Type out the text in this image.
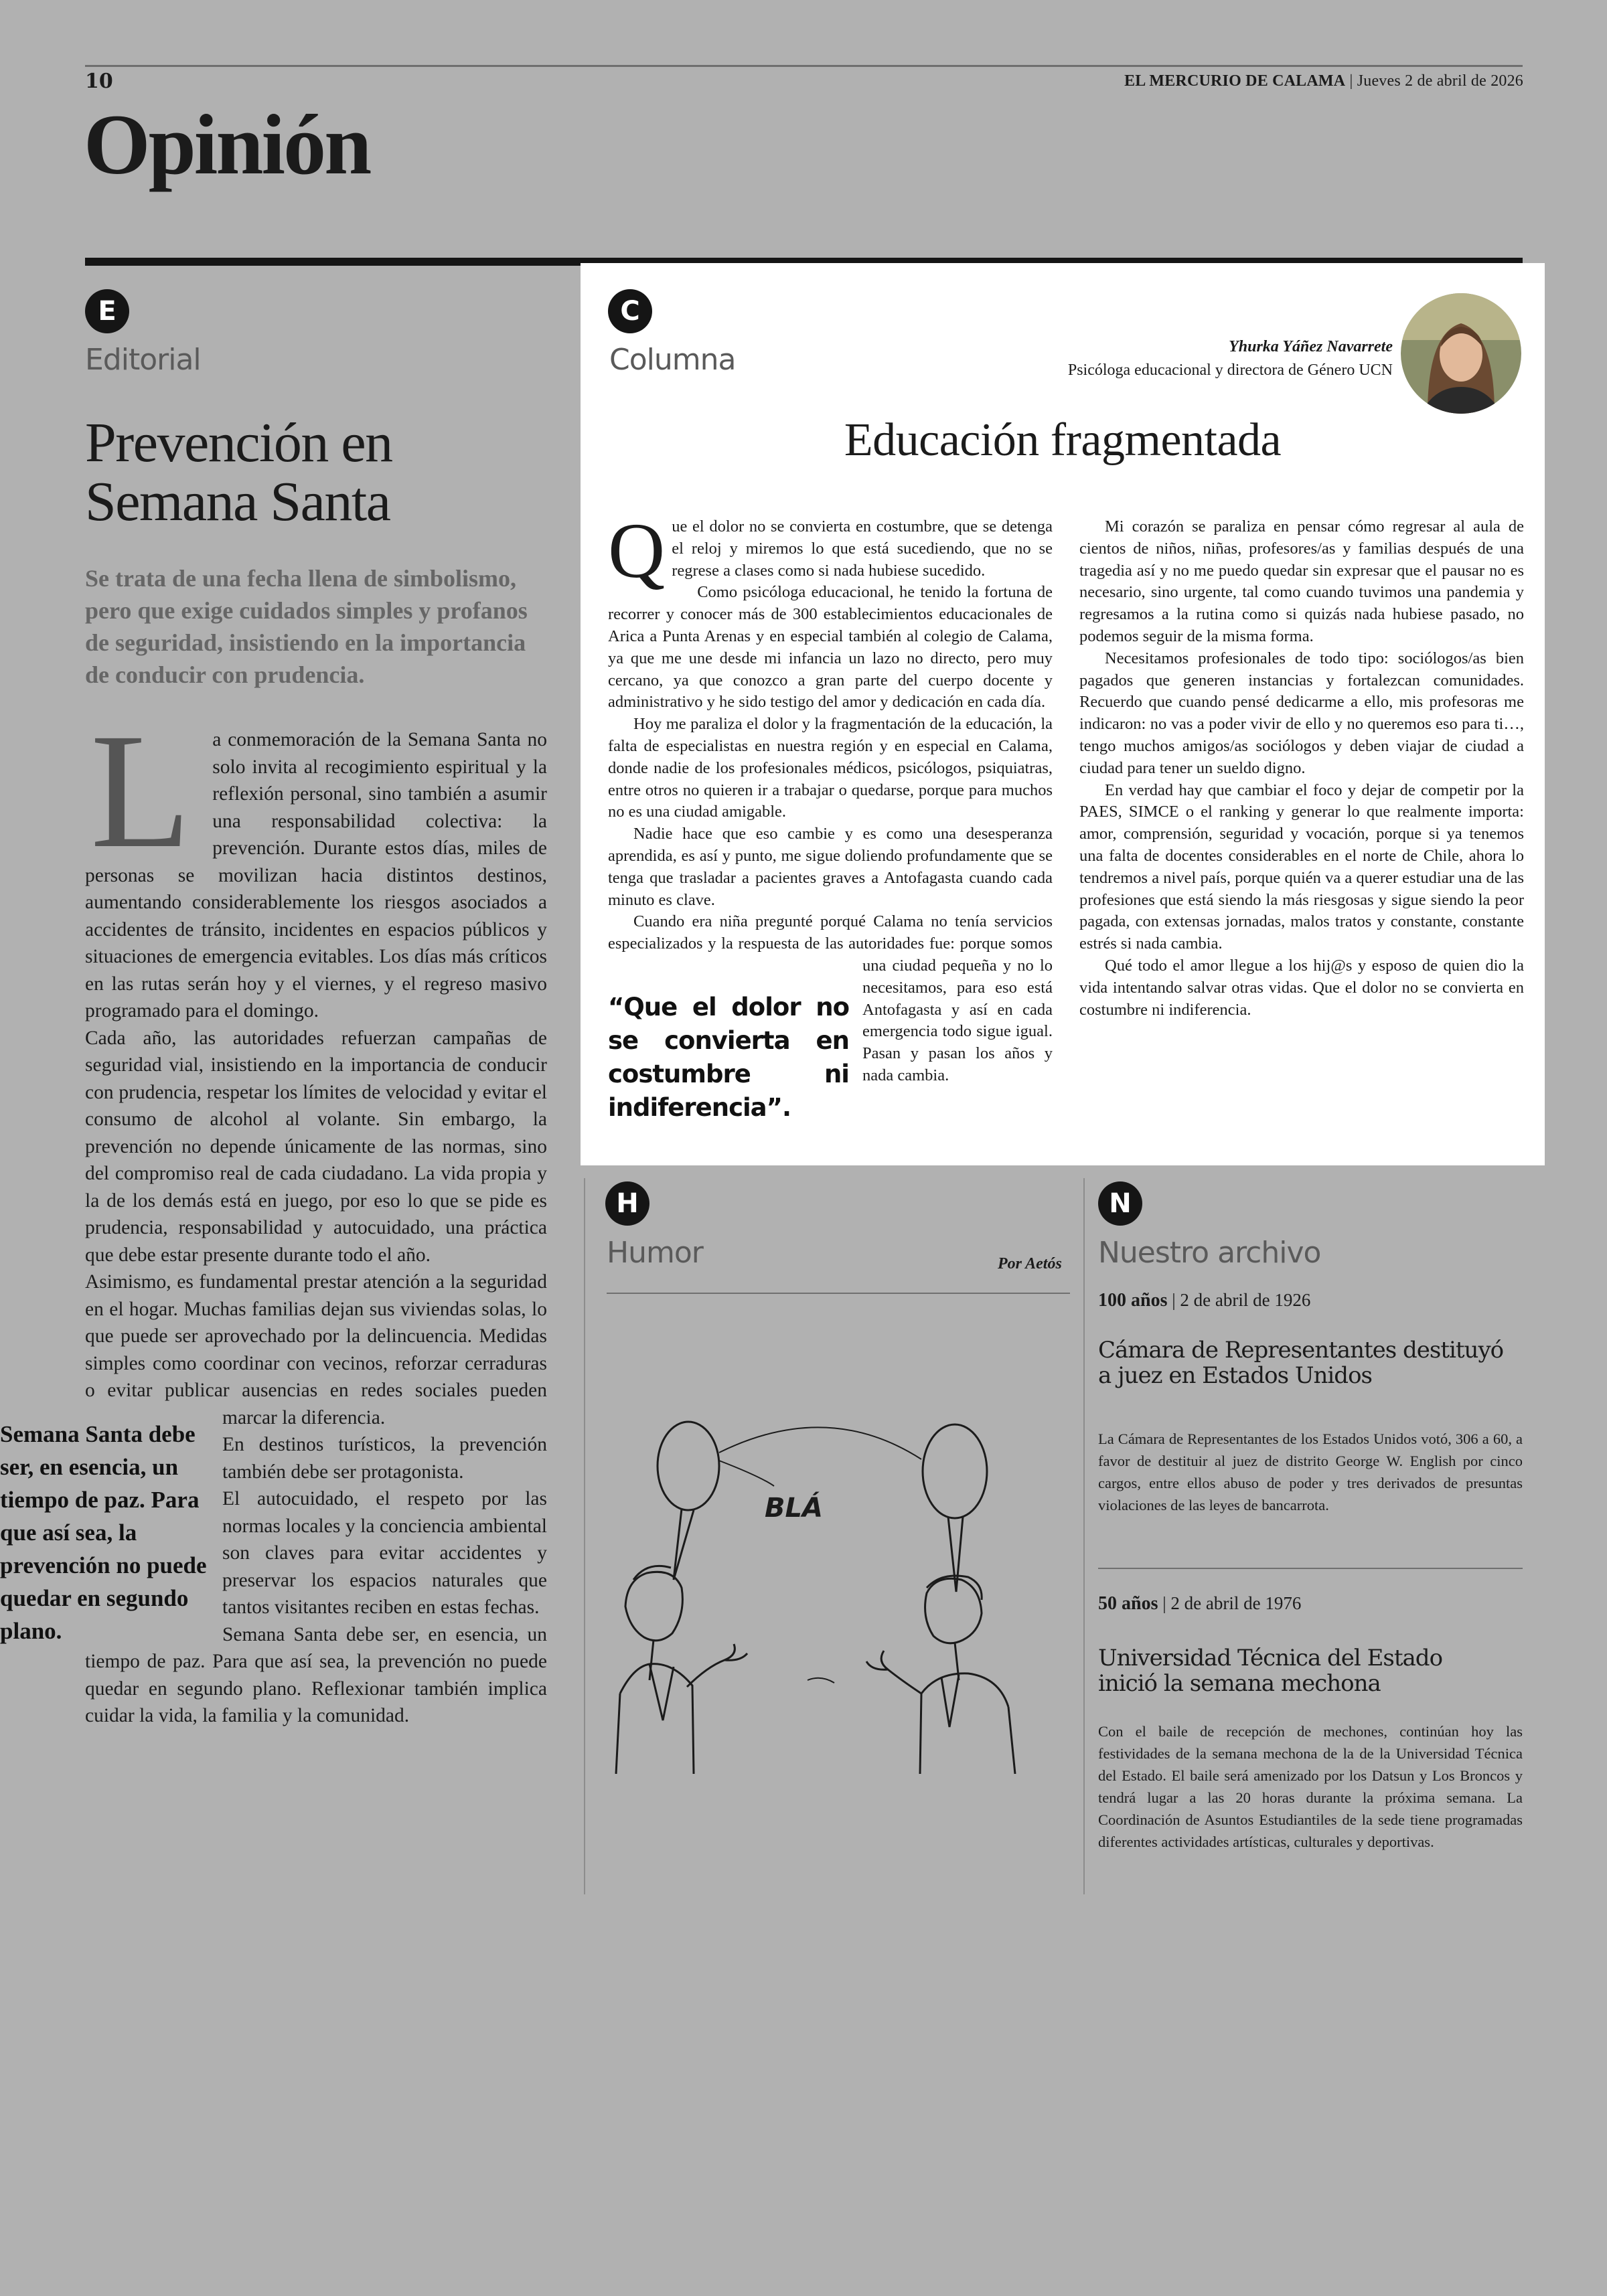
10	EL MERCURIO DE CALAMA | Jueves 2 de abril de 2026
Opinión
E
Editorial
Prevención en Semana Santa
Se trata de una fecha llena de simbolismo, pero que exige cuidados simples y profanos de seguridad, insistiendo en la importancia de conducir con prudencia.
L	a conmemoración de la Semana Santa no solo invita al recogimiento espiritual y la reflexión personal, sino también a asumir una responsabilidad colectiva: la prevención. Durante estos días, miles de personas se movilizan hacia distintos destinos, aumentando considerablemente los riesgos asociados a accidentes de tránsito, incidentes en espacios públicos y situaciones de emergencia evitables. Los días más críticos en las rutas serán hoy y el viernes, y el regreso masivo programado para el domingo.

Semana Santa debe ser, en esencia, un tiempo de paz. Para que así sea, la prevención no puede quedar en segundo plano.

Cada año, las autoridades refuerzan campañas de seguridad vial, insistiendo en la importancia de conducir con prudencia, respetar los límites de velocidad y evitar el consumo de alcohol al volante. Sin embargo, la prevención no depende únicamente de las normas, sino del compromiso real de cada ciudadano. La vida propia y la de los demás está en juego, por eso lo que se pide es prudencia, responsabilidad y autocuidado, una práctica que debe estar presente durante todo el año.

Asimismo, es fundamental prestar atención a la seguridad en el hogar. Muchas familias dejan sus viviendas solas, lo que puede ser aprovechado por la delincuencia. Medidas simples como coordinar con vecinos, reforzar cerraduras o evitar publicar ausencias en redes sociales pueden marcar la diferencia.

En destinos turísticos, la prevención también debe ser protagonista.

El autocuidado, el respeto por las normas locales y la conciencia ambiental son claves para evitar accidentes y preservar los espacios naturales que tantos visitantes reciben en estas fechas.

Semana Santa debe ser, en esencia, un tiempo de paz. Para que así sea, la prevención no puede quedar en segundo plano. Reflexionar también implica cuidar la vida, la familia y la comunidad.

C
Columna	Yhurka Yáñez Navarrete
Psicóloga educacional y directora de Género UCN
Educación fragmentada
Q ue el dolor no se convierta en costumbre, que se detenga el reloj y miremos lo que está sucediendo, que no se regrese a clases como si nada hubiese sucedido.

Como psicóloga educacional, he tenido la fortuna de recorrer y conocer más de 300 establecimientos educacionales de Arica a Punta Arenas y en especial también al colegio de Calama, ya que me une desde mi infancia un lazo no directo, pero muy cercano, ya que conozco a gran parte del cuerpo docente y administrativo y he sido testigo del amor y dedicación en cada día.

“Que el dolor no se convierta en costumbre ni indiferencia”.

Hoy me paraliza el dolor y la fragmentación de la educación, la falta de especialistas en nuestra región y en especial en Calama, donde nadie de los profesionales médicos, psicólogos, psiquiatras, entre otros no quieren ir a trabajar o quedarse, porque para muchos no es una ciudad amigable.

Nadie hace que eso cambie y es como una desesperanza aprendida, es así y punto, me sigue doliendo profundamente que se tenga que trasladar a pacientes graves a Antofagasta cuando cada minuto es clave.

Cuando era niña pregunté porqué Calama no tenía servicios especializados y la respuesta de las autoridades fue: porque somos una ciudad pequeña y no lo necesitamos, para eso está Antofagasta y así en cada emergencia todo sigue igual. Pasan y pasan los años y nada cambia.

Mi corazón se paraliza en pensar cómo regresar al aula de cientos de niños, niñas, profesores/as y familias después de una tragedia así y no me puedo quedar sin expresar que el pausar no es necesario, sino urgente, tal como cuando tuvimos una pandemia y regresamos a la rutina como si quizás nada hubiese pasado, no podemos seguir de la misma forma.

Necesitamos profesionales de todo tipo: sociólogos/as bien pagados que generen instancias y fortalezcan comunidades. Recuerdo que cuando pensé dedicarme a ello, mis profesoras me indicaron: no vas a poder vivir de ello y no queremos eso para ti…, tengo muchos amigos/as sociólogos y deben viajar de ciudad a ciudad para tener un sueldo digno.

En verdad hay que cambiar el foco y dejar de competir por la PAES, SIMCE o el ranking y generar lo que realmente importa: amor, comprensión, seguridad y vocación, porque si ya tenemos una falta de docentes considerables en el norte de Chile, ahora lo tendremos a nivel país, porque quién va a querer estudiar una de las profesiones que está siendo la más riesgosas y sigue siendo la peor pagada, con extensas jornadas, malos tratos y constante, constante estrés si nada cambia.

Qué todo el amor llegue a los hij@s y esposo de quien dio la vida intentando salvar otras vidas. Que el dolor no se convierta en costumbre ni indiferencia.

H
Humor	Por Aetós
BLÁ
N
Nuestro archivo
100 años | 2 de abril de 1926
Cámara de Representantes destituyó a juez en Estados Unidos
La Cámara de Representantes de los Estados Unidos votó, 306 a 60, a favor de destituir al juez de distrito George W. English por cinco cargos, entre ellos abuso de poder y tres derivados de presuntas violaciones de las leyes de bancarrota.
50 años | 2 de abril de 1976
Universidad Técnica del Estado inició la semana mechona
Con el baile de recepción de mechones, continúan hoy las festividades de la semana mechona de la de la Universidad Técnica del Estado. El baile será amenizado por los Datsun y Los Broncos y tendrá lugar a las 20 horas durante la próxima semana. La Coordinación de Asuntos Estudiantiles de la sede tiene programadas diferentes actividades artísticas, culturales y deportivas.
